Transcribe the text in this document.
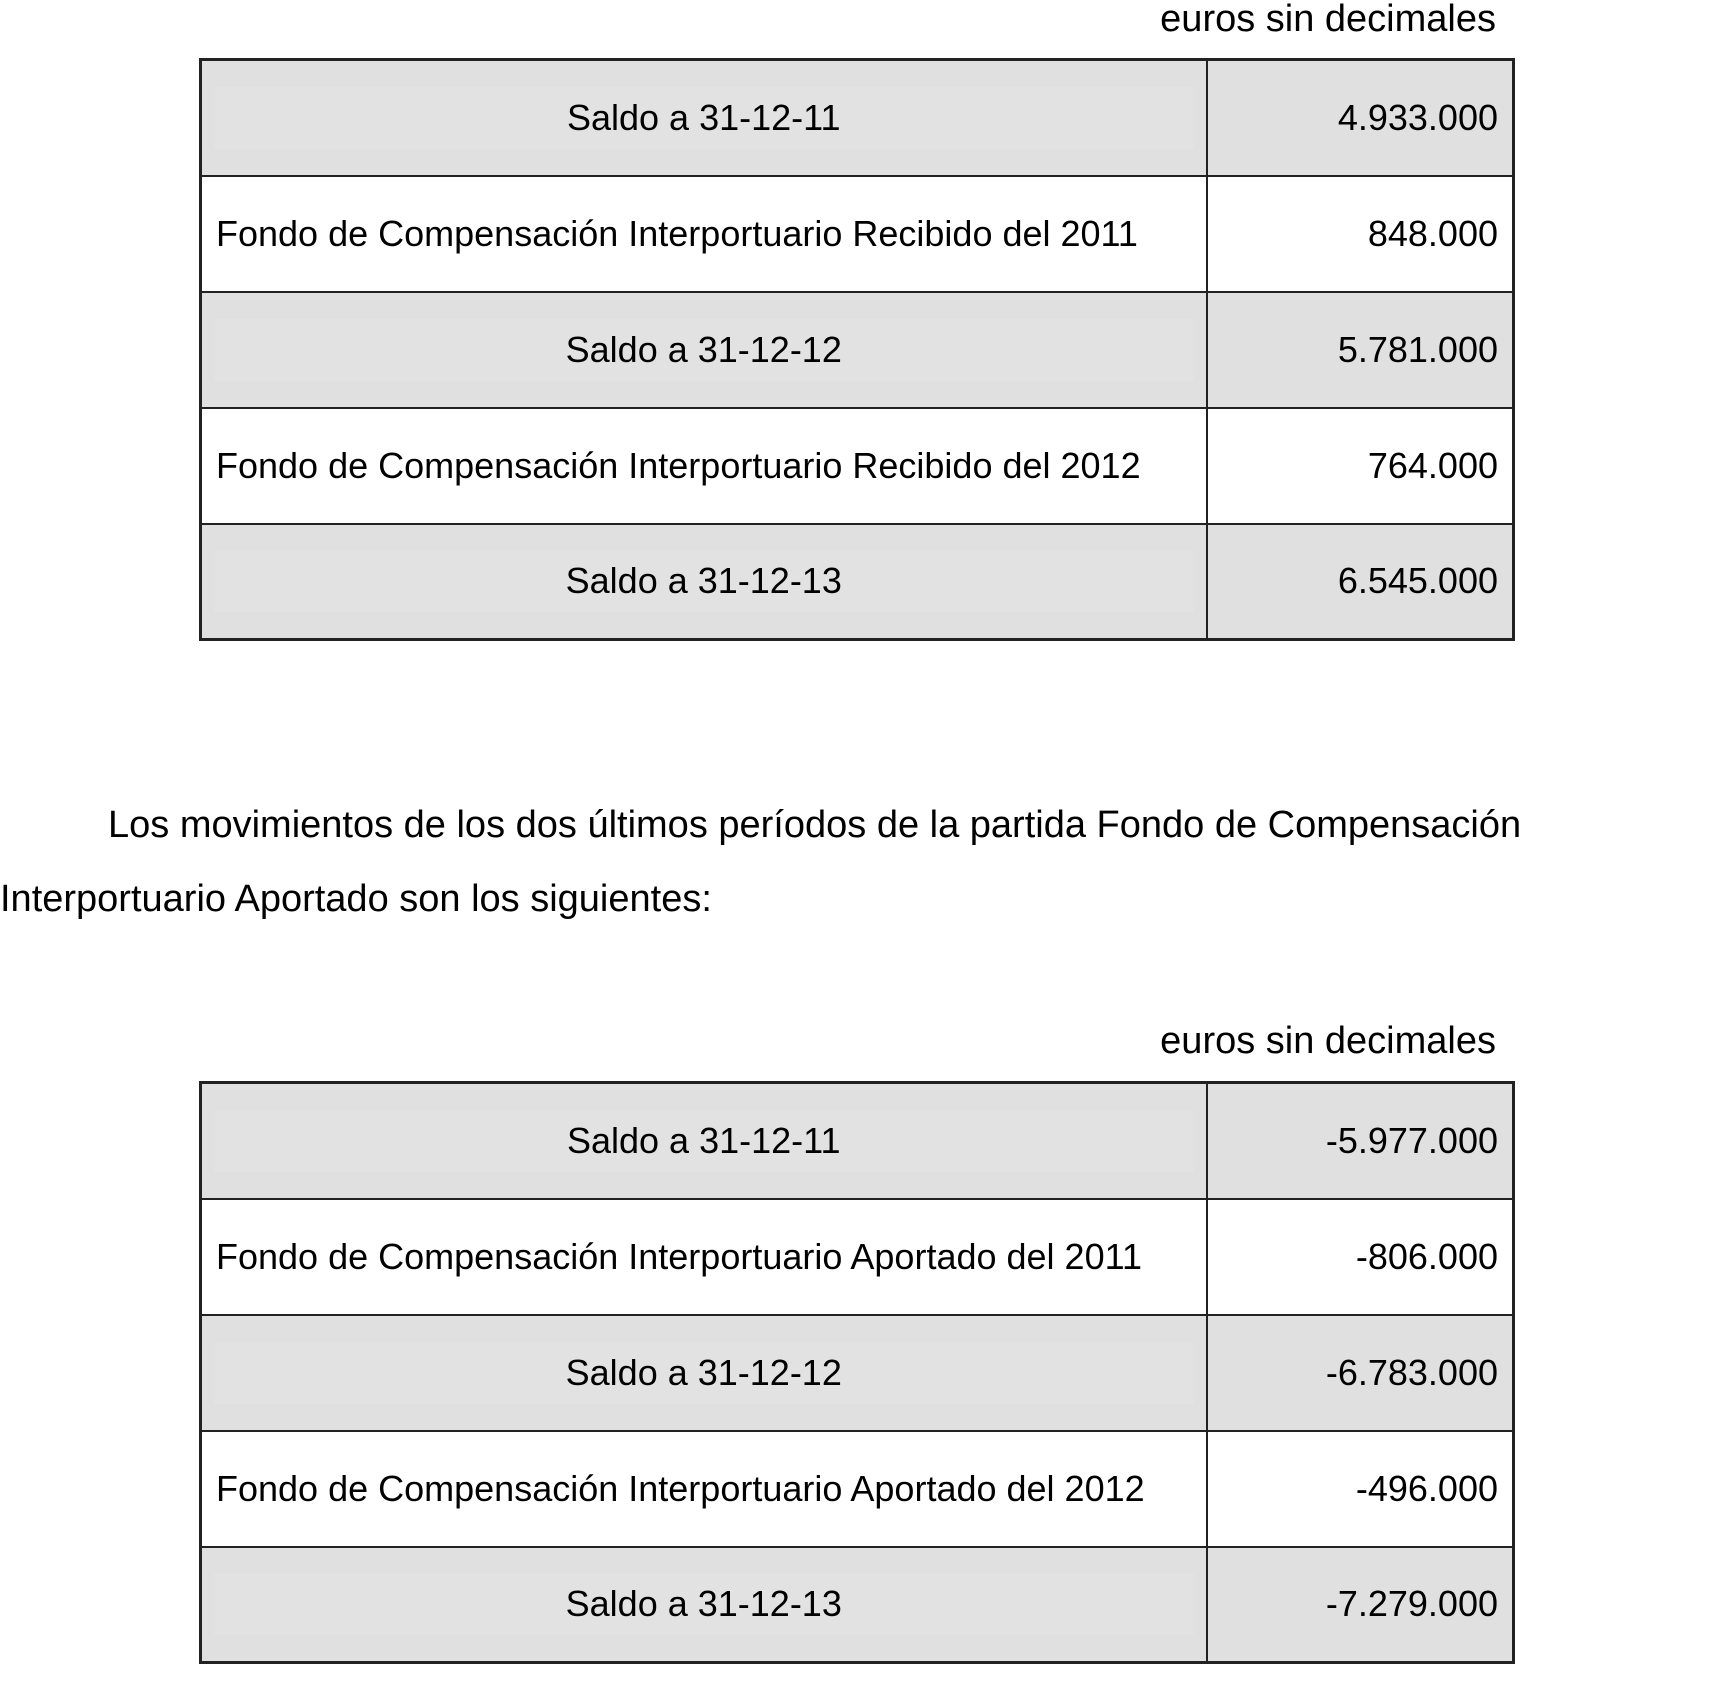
euros sin decimales
Saldo a 31-12-11	4.933.000
Fondo de Compensación Interportuario Recibido del 2011	848.000

Saldo a 31-12-12	5.781.000
Fondo de Compensación Interportuario Recibido del 2012	764.000

Saldo a 31-12-13	6.545.000
Los movimientos de los dos últimos períodos de la partida Fondo de Compensación
Interportuario Aportado son los siguientes:
euros sin decimales
Saldo a 31-12-11	-5.977.000
Fondo de Compensación Interportuario Aportado del 2011	-806.000

Saldo a 31-12-12	-6.783.000
Fondo de Compensación Interportuario Aportado del 2012	-496.000

Saldo a 31-12-13	-7.279.000
